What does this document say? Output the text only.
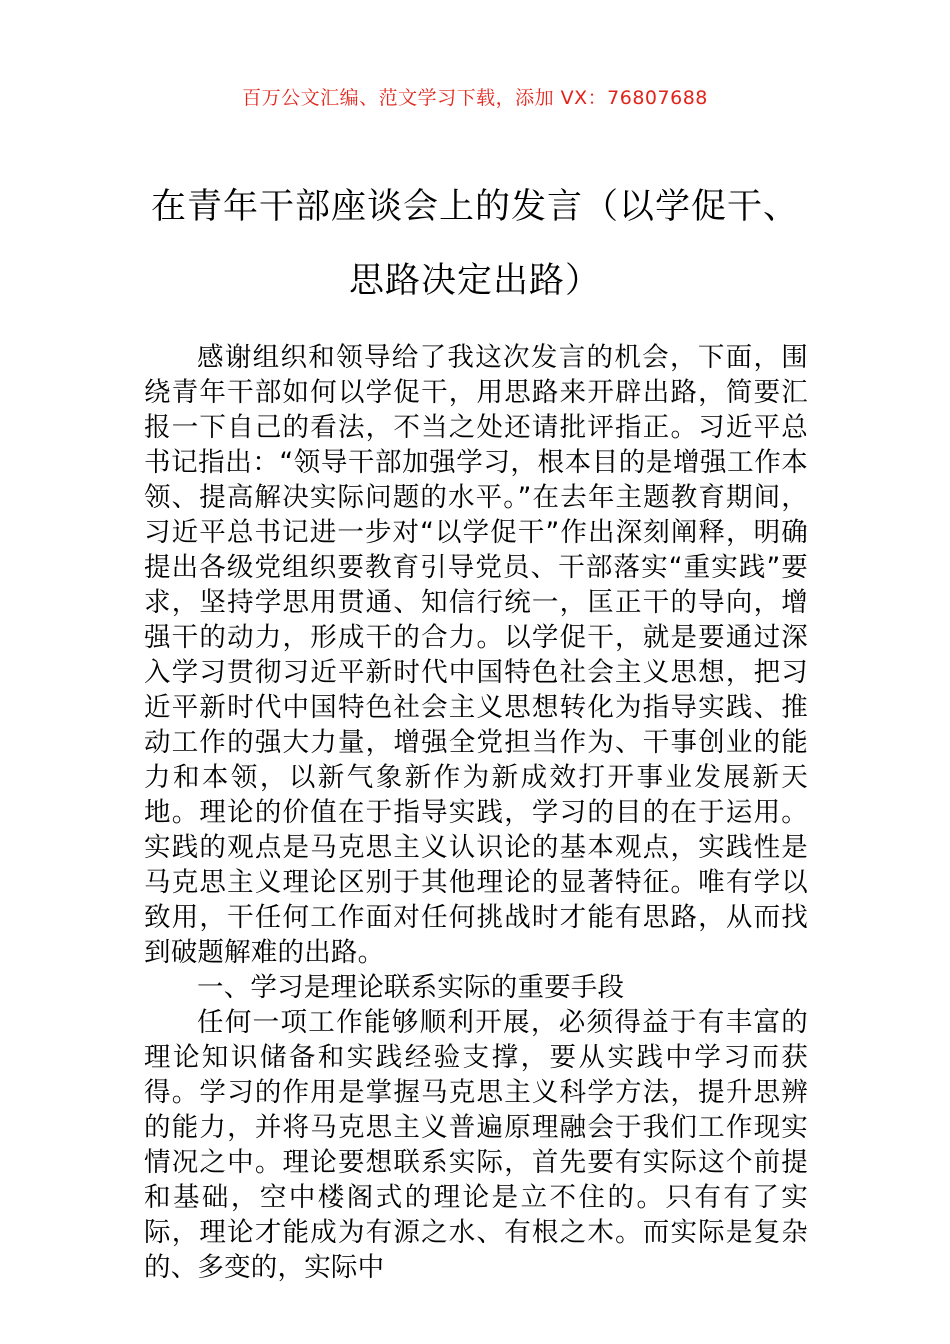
百万公文汇编、范文学习下载，添加 VX：76807688
在青年干部座谈会上的发言（以学促干、
思路决定出路）

感谢组织和领导给了我这次发言的机会，下面，围绕青年干部如何以学促干，用思路来开辟出路，简要汇报一下自己的看法，不当之处还请批评指正。习近平总书记指出：“领导干部加强学习，根本目的是增强工作本领、提高解决实际问题的水平。”在去年主题教育期间，习近平总书记进一步对“以学促干”作出深刻阐释，明确提出各级党组织要教育引导党员、干部落实“重实践”要求，坚持学思用贯通、知信行统一，匡正干的导向，增强干的动力，形成干的合力。以学促干，就是要通过深入学习贯彻习近平新时代中国特色社会主义思想，把习近平新时代中国特色社会主义思想转化为指导实践、推动工作的强大力量，增强全党担当作为、干事创业的能力和本领，以新气象新作为新成效打开事业发展新天地。理论的价值在于指导实践，学习的目的在于运用。实践的观点是马克思主义认识论的基本观点，实践性是马克思主义理论区别于其他理论的显著特征。唯有学以致用，干任何工作面对任何挑战时才能有思路，从而找到破题解难的出路。

一、学习是理论联系实际的重要手段

任何一项工作能够顺利开展，必须得益于有丰富的理论知识储备和实践经验支撑，要从实践中学习而获得。学习的作用是掌握马克思主义科学方法，提升思辨的能力，并将马克思主义普遍原理融会于我们工作现实情况之中。理论要想联系实际，首先要有实际这个前提和基础，空中楼阁式的理论是立不住的。只有有了实际，理论才能成为有源之水、有根之木。而实际是复杂的、多变的，实际中
